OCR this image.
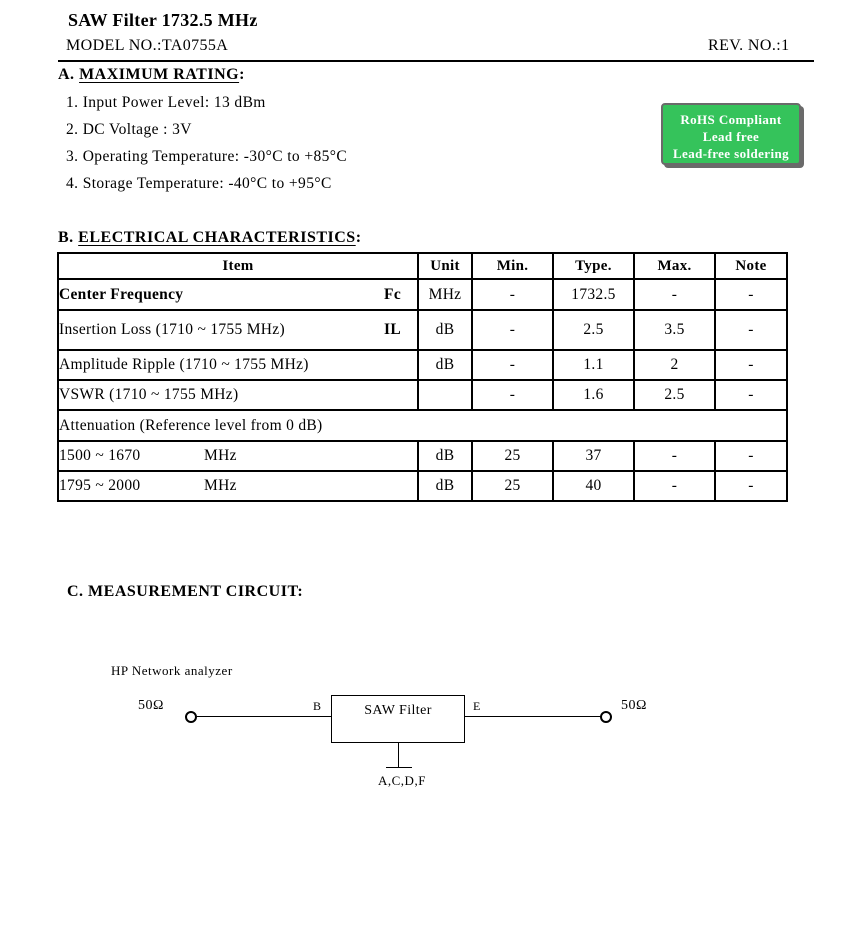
SAW Filter 1732.5 MHz
MODEL NO.:TA0755A	REV. NO.:1
A. MAXIMUM RATING:
1. Input Power Level: 13 dBm
2. DC Voltage : 3V
3. Operating Temperature: -30°C to +85°C
4. Storage Temperature: -40°C to +95°C
RoHS Compliant
Lead free
Lead-free soldering
B. ELECTRICAL CHARACTERISTICS:
Item	Unit	Min.	Type.	Max.	Note

Center Frequency Fc	MHz	-	1732.5	-	-

Insertion Loss (1710 ~ 1755 MHz) IL	dB	-	2.5	3.5	-
Amplitude Ripple (1710 ~ 1755 MHz)	dB	-	1.1	2	-
VSWR (1710 ~ 1755 MHz)		-	1.6	2.5	-
Attenuation (Reference level from 0 dB)					
1500 ~ 1670 MHz	dB	25	37	-	-
1795 ~ 2000 MHz	dB	25	40	-	-
C. MEASUREMENT CIRCUIT:
HP Network analyzer
50Ω	50Ω
B	SAW Filter	E
A,C,D,F
